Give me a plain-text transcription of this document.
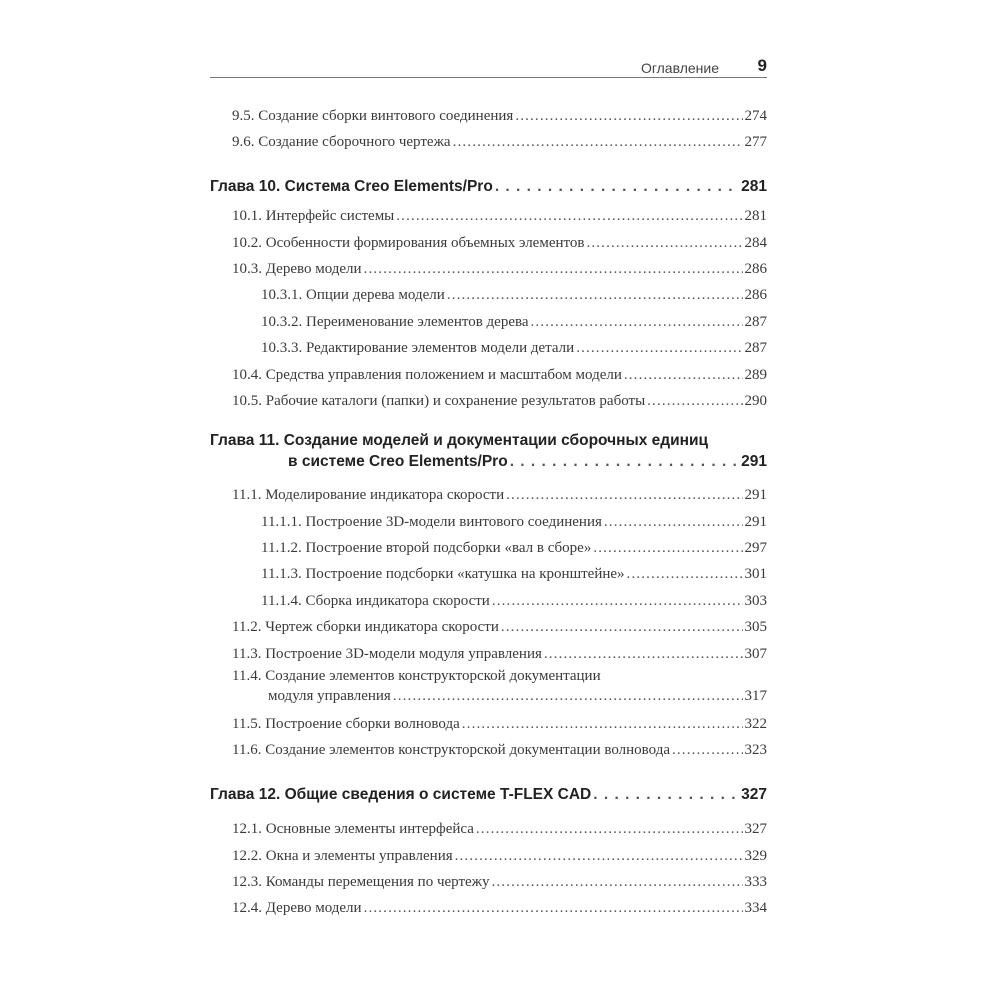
Оглавление 9
9.5. Создание сборки винтового соединения . . .	274
9.6. Создание сборочного чертежа . . .	277
Глава 10. Система Creo Elements/Pro . . .	281
10.1. Интерфейс системы . . .	281
10.2. Особенности формирования объемных элементов . . .	284
10.3. Дерево модели . . .	286
10.3.1. Опции дерева модели . . .	286
10.3.2. Переименование элементов дерева . . .	287
10.3.3. Редактирование элементов модели детали . . .	287
10.4. Средства управления положением и масштабом модели . . .	289
10.5. Рабочие каталоги (папки) и сохранение результатов работы . . .	290
Глава 11. Создание моделей и документации сборочных единиц
в системе Creo Elements/Pro . . .	291
11.1. Моделирование индикатора скорости . . .	291
11.1.1. Построение 3D-модели винтового соединения . . .	291
11.1.2. Построение второй подсборки «вал в сборе» . . .	297
11.1.3. Построение подсборки «катушка на кронштейне» . . .	301
11.1.4. Сборка индикатора скорости . . .	303
11.2. Чертеж сборки индикатора скорости . . .	305
11.3. Построение 3D-модели модуля управления . . .	307
11.4. Создание элементов конструкторской документации
модуля управления . . .	317
11.5. Построение сборки волновода . . .	322
11.6. Создание элементов конструкторской документации волновода . . .	323
Глава 12. Общие сведения о системе T-FLEX CAD . . .	327
12.1. Основные элементы интерфейса . . .	327
12.2. Окна и элементы управления . . .	329
12.3. Команды перемещения по чертежу . . .	333
12.4. Дерево модели . . .	334
